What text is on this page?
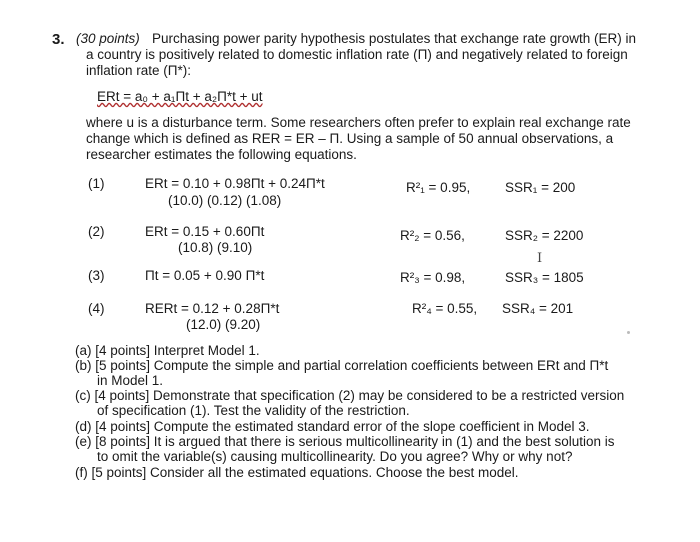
3. (30 points) Purchasing power parity hypothesis postulates that exchange rate growth (ER) in
a country is positively related to domestic inflation rate (Π) and negatively related to foreign
inflation rate (Π*):
ERt = a₀ + a₁Πt + a₂Π*t + ut
where u is a disturbance term. Some researchers often prefer to explain real exchange rate
change which is defined as RER = ER – Π. Using a sample of 50 annual observations, a
researcher estimates the following equations.
(1)	ERt = 0.10 + 0.98Πt + 0.24Π*t
(10.0) (0.12) (1.08)
R²₁ = 0.95,	SSR₁ = 200
(2)	ERt = 0.15 + 0.60Πt
(10.8) (9.10)
R²₂ = 0.56,	SSR₂ = 2200
I
(3)	Πt = 0.05 + 0.90 Π*t	R²₃ = 0.98,	SSR₃ = 1805
(4)	RERt = 0.12 + 0.28Π*t
(12.0) (9.20)
R²₄ = 0.55, SSR₄ = 201
(a) [4 points] Interpret Model 1.
(b) [5 points] Compute the simple and partial correlation coefficients between ERt and Π*t
in Model 1.
(c) [4 points] Demonstrate that specification (2) may be considered to be a restricted version
of specification (1). Test the validity of the restriction.
(d) [4 points] Compute the estimated standard error of the slope coefficient in Model 3.
(e) [8 points] It is argued that there is serious multicollinearity in (1) and the best solution is
to omit the variable(s) causing multicollinearity. Do you agree? Why or why not?
(f) [5 points] Consider all the estimated equations. Choose the best model.
